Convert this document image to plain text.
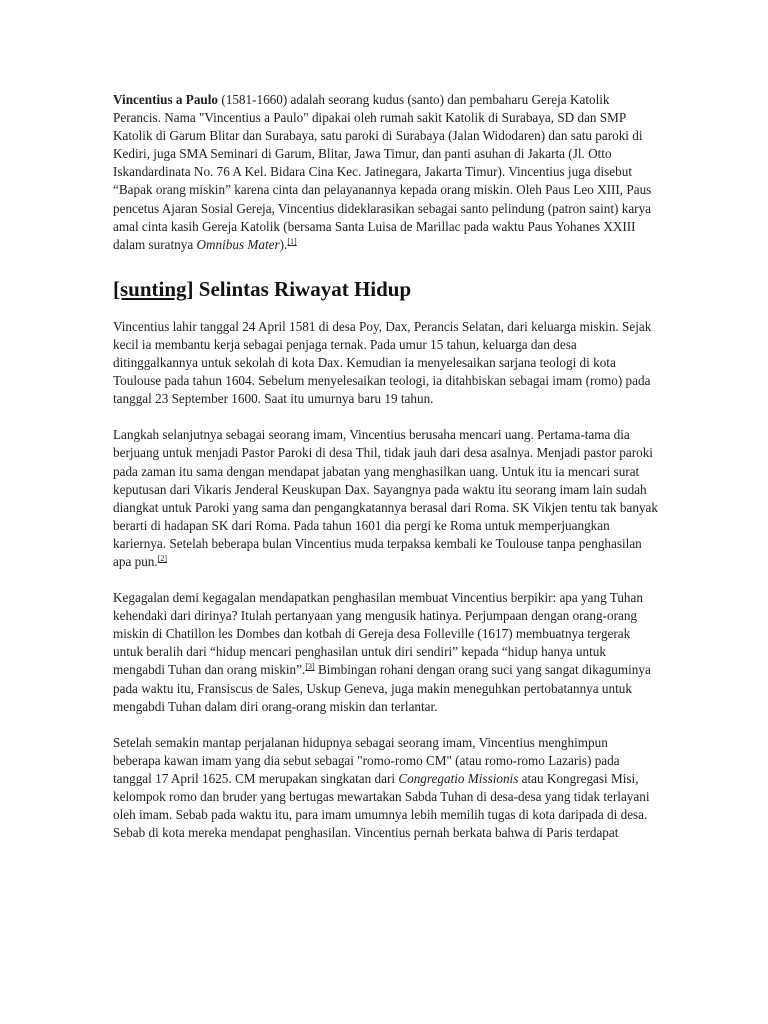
Vincentius a Paulo (1581-1660) adalah seorang kudus (santo) dan pembaharu Gereja Katolik Perancis. Nama "Vincentius a Paulo" dipakai oleh rumah sakit Katolik di Surabaya, SD dan SMP Katolik di Garum Blitar dan Surabaya, satu paroki di Surabaya (Jalan Widodaren) dan satu paroki di Kediri, juga SMA Seminari di Garum, Blitar, Jawa Timur, dan panti asuhan di Jakarta (Jl. Otto Iskandardinata No. 76 A Kel. Bidara Cina Kec. Jatinegara, Jakarta Timur). Vincentius juga disebut “Bapak orang miskin” karena cinta dan pelayanannya kepada orang miskin. Oleh Paus Leo XIII, Paus pencetus Ajaran Sosial Gereja, Vincentius dideklarasikan sebagai santo pelindung (patron saint) karya amal cinta kasih Gereja Katolik (bersama Santa Luisa de Marillac pada waktu Paus Yohanes XXIII dalam suratnya Omnibus Mater).[1]

[sunting] Selintas Riwayat Hidup

Vincentius lahir tanggal 24 April 1581 di desa Poy, Dax, Perancis Selatan, dari keluarga miskin. Sejak kecil ia membantu kerja sebagai penjaga ternak. Pada umur 15 tahun, keluarga dan desa ditinggalkannya untuk sekolah di kota Dax. Kemudian ia menyelesaikan sarjana teologi di kota Toulouse pada tahun 1604. Sebelum menyelesaikan teologi, ia ditahbiskan sebagai imam (romo) pada tanggal 23 September 1600. Saat itu umurnya baru 19 tahun.

Langkah selanjutnya sebagai seorang imam, Vincentius berusaha mencari uang. Pertama-tama dia berjuang untuk menjadi Pastor Paroki di desa Thil, tidak jauh dari desa asalnya. Menjadi pastor paroki pada zaman itu sama dengan mendapat jabatan yang menghasilkan uang. Untuk itu ia mencari surat keputusan dari Vikaris Jenderal Keuskupan Dax. Sayangnya pada waktu itu seorang imam lain sudah diangkat untuk Paroki yang sama dan pengangkatannya berasal dari Roma. SK Vikjen tentu tak banyak berarti di hadapan SK dari Roma. Pada tahun 1601 dia pergi ke Roma untuk memperjuangkan kariernya. Setelah beberapa bulan Vincentius muda terpaksa kembali ke Toulouse tanpa penghasilan apa pun.[2]

Kegagalan demi kegagalan mendapatkan penghasilan membuat Vincentius berpikir: apa yang Tuhan kehendaki dari dirinya? Itulah pertanyaan yang mengusik hatinya. Perjumpaan dengan orang-orang miskin di Chatillon les Dombes dan kotbah di Gereja desa Folleville (1617) membuatnya tergerak untuk beralih dari “hidup mencari penghasilan untuk diri sendiri” kepada “hidup hanya untuk mengabdi Tuhan dan orang miskin”.[3] Bimbingan rohani dengan orang suci yang sangat dikaguminya pada waktu itu, Fransiscus de Sales, Uskup Geneva, juga makin meneguhkan pertobatannya untuk mengabdi Tuhan dalam diri orang-orang miskin dan terlantar.

Setelah semakin mantap perjalanan hidupnya sebagai seorang imam, Vincentius menghimpun beberapa kawan imam yang dia sebut sebagai "romo-romo CM" (atau romo-romo Lazaris) pada tanggal 17 April 1625. CM merupakan singkatan dari Congregatio Missionis atau Kongregasi Misi, kelompok romo dan bruder yang bertugas mewartakan Sabda Tuhan di desa-desa yang tidak terlayani oleh imam. Sebab pada waktu itu, para imam umumnya lebih memilih tugas di kota daripada di desa. Sebab di kota mereka mendapat penghasilan. Vincentius pernah berkata bahwa di Paris terdapat
